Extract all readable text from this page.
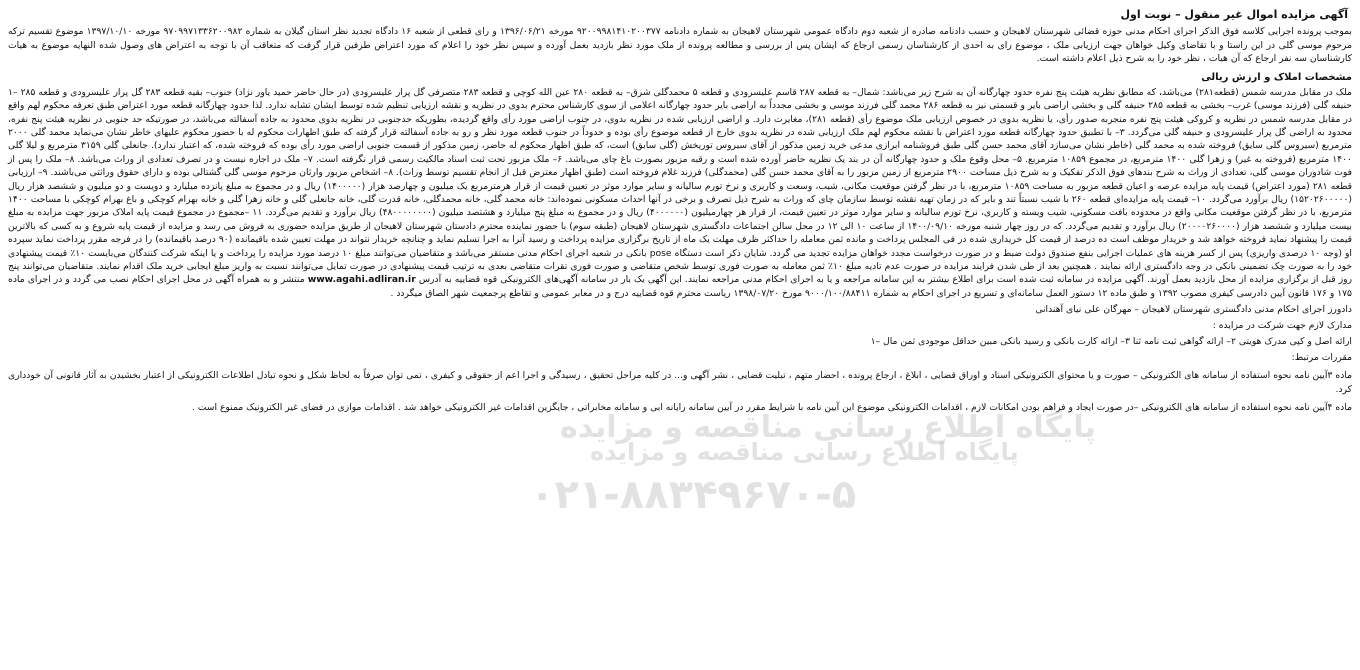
آگهی مزایده اموال غیر منقول – نوبت اول

بموجب پرونده اجرایی کلاسه فوق الذکر اجرای احکام مدنی حوزه قضائی شهرستان لاهیجان و حسب دادنامه صادره از شعبه دوم دادگاه عمومی شهرستان لاهیجان به شماره دادنامه ۹۲۰۰۹۹۸۱۴۱۰۲۰۰۳۷۷ مورخه ۱۳۹۶/۰۶/۲۱ و رای قطعی از شعبه ۱۶ دادگاه تجدید نظر استان گیلان به شماره ۹۷۰۹۹۷۱۳۳۶۲۰۰۹۸۲ مورخه ۱۳۹۷/۱۰/۱۰ موضوع تقسیم ترکه مرحوم موسی گلی در این راستا و با تقاضای وکیل خواهان جهت ارزیابی ملک ، موضوع رای به احدی از کارشناسان رسمی ارجاع که ایشان پس از بررسی و مطالعه پرونده از ملک مورد نظر بازدید بعمل آورده و سپس نظر خود را اعلام که مورد اعتراض طرفین قرار گرفت که متعاقب آن با توجه به اعتراض های وصول شده النهایه موضوع به هیات کارشناسان سه نفر ارجاع که آن هیات ، نظر خود را به شرح ذیل اعلام داشته است.

مشخصات املاک و ارزش ریالی

ملک در مقابل مدرسه شمس (قطعه۲۸۱) می‌باشد، که مطابق نظریه هیئت پنج نفره حدود چهارگانه آن به شرح زیر می‌باشد: شمال– به قطعه ۲۸۷ قاسم علیسرودی و قطعه ۵ محمدگلی شرق– به قطعه ۲۸۰ عین الله کوچی و قطعه ۲۸۳ متصرفی گل پرار علیسرودی (در حال حاضر حمید یاور نژاد) جنوب– بقیه قطعه ۲۸۳ گل پرار علیسرودی و قطعه ۲۸۵ –۱ حنیفه گلی (فرزند موسی) غرب– بخشی به قطعه ۲۸۵ حنیفه گلی و بخشی اراضی بایر و قسمتی نیز به قطعه ۲۸۶ محمد گلی فرزند موسی و بخشی مجدداً به اراضی بایر حدود چهارگانه اعلامی از سوی کارشناس محترم بدوی در نظریه و نقشه ارزیابی تنظیم شده توسط ایشان تشابه ندارد. لذا حدود چهارگانه قطعه مورد اعتراض طبق تعرفه محکوم لهم واقع در مقابل مدرسه شمس در نظریه و کروکی هیئت پنج نفره منجربه صدور رأی، یا نظریه بدوی در خصوص ارزیابی ملک موضوع رأی (قطعه ۲۸۱)، مغایرت دارد. و اراضی ارزیابی شده در نظریه بدوی، در جنوب اراضی مورد رأی واقع گردیده، بطوریکه حدجنوبی در نظریه بدوی محدود به جاده آسفالته می‌باشد، در صورتیکه حد جنوبی در نظریه هیئت پنج نفره، محدود به اراضی گل پرار علیسرودی و حنیفه گلی می‌گردد. ۳– با تطبیق حدود چهارگانه قطعه مورد اعتراض با نقشه محکوم لهم ملک ارزیابی شده در نظریه بدوی خارج از قطعه موضوع رأی بوده و حدوداً در جنوب قطعه مورد نظر و رو به جاده آسفالته قرار گرفته که طبق اظهارات محکوم له با حضور محکوم علیهای خاطر نشان می‌نماید محمد گلی ۲۰۰۰ مترمربع (سیروس گلی سایق) فروخته شده به محمد گلی (خاطر نشان می‌سازد آقای محمد حسن گلی طبق فروشنامه ابرازی مدعی خرید زمین مذکور از آقای سیروس توریخش (گلی سابق) است، که طبق اظهار محکوم له حاضر، زمین مذکور از قسمت جنوبی اراضی مورد رأی بوده که فروخته شده، که اعتبار ندارد). جانعلی گلی ۳۱۵۹ مترمربع و لیلا گلی ۱۴۰۰ مترمربع (فروخته به غیر) و زهرا گلی ۱۴۰۰ مترمربع، در مجموع ۱۰۸۵۹ مترمربع. ۵– محل وقوع ملک و حدود چهارگانه آن در بند یک نظریه حاضر آورده شده است و رقبه مزبور بصورت باغ چای می‌باشد. ۶– ملک مزبور تحت ثبت اسناد مالکیت رسمی قرار نگرفته است. ۷– ملک در اجاره نیست و در تصرف تعدادی از وراث می‌باشد. ۸– ملک را پس از فوت شادوران موسی گلی، تعدادی از وراث به شرح بندهای فوق الذکر تفکیک و به شرح ذیل مساحت ۲۹۰۰ مترمربع از زمین مزبور را به آقای محمد حسن گلی (محمدگلی) فرزند غلام فروخته است (طبق اظهار معترض قبل از انجام تقسیم توسط وراث). ۸– اشخاص مزبور وارثان مرحوم موسی گلی گشتالی بوده و دارای حقوق وراثتی می‌باشند. ۹– ارزیابی قطعه ۲۸۱ (مورد اعتراض) قیمت پایه مزایده عرصه و اعیان قطعه مزبور به مساحت ۱۰۸۵۹ مترمربع، با در نظر گرفتن موقعیت مکانی، شیب، وسعت و کاربری و نرخ تورم سالیانه و سایر موارد موثر در تعیین قیمت از قرار هرمترمربع یک میلیون و چهارصد هزار (۱۴۰۰۰۰۰) ریال و در مجموع به مبلغ پانزده میلیارد و دویست و دو میلیون و ششصد هزار ریال (۱۵۲۰۲۶۰۰۰۰۰) ریال برآورد می‌گردد. ۱۰– قیمت پایه مزایده‌ای قطعه ۲۶۰ با شیب نسبتاً تند و بایر که در زمان تهیه نقشه توسط سازمان چای که وراث به شرح ذیل تصرف و برخی در آنها احداث مسکونی نموده‌اند: خانه محمد گلی، خانه محمدگلی، خانه قدرت گلی، خانه جانعلی گلی و خانه زهرا گلی و خانه بهرام کوچکی و باغ بهرام کوچکی با مساحت ۱۴۰۰ مترمربع، با در نظر گرفتن موقعیت مکانی واقع در محدوده بافت مسکونی، شیب ویسته و کاربری، نرخ تورم سالیانه و سایر موارد موثر در تعیین قیمت، از قرار هر چهارمیلیون (۴۰۰۰۰۰۰) ریال و در مجموع به مبلغ پنج میلیارد و هشتصد میلیون (۴۸۰۰۰۰۰۰۰۰) ریال برآورد و تقدیم می‌گردد. ۱۱ –مجموع در مجموع قیمت پایه املاک مزبور جهت مزایده به مبلغ بیست میلیارد و ششصد هزار (۲۰۰۰۰۲۶۰۰۰۰) ریال برآورد و تقدیم می‌گردد. که در روز چهار شنبه مورخه ۱۴۰۰/۰۹/۱۰ از ساعت ۱۰ الی ۱۲ در محل سالن اجتماعات دادگستری شهرستان لاهیجان (طبقه سوم) با حضور نماینده محترم دادستان شهرستان لاهیجان از طریق مزایده حضوری به فروش می رسد و مزایده از قیمت پایه شروع و به کسی که بالاترین قیمت را پیشنهاد نماید فروخته خواهد شد و خریدار موظف است ده درصد از قیمت کل خریداری شده در فی المجلس پرداخت و مانده ثمن معامله را حداکثر ظرف مهلت یک ماه از تاریخ برگزاری مزایده پرداخت و رسید آنرا به اجرا تسلیم نماید و چنانچه خریدار نتواند در مهلت تعیین شده باقیمانده (۹۰ درصد باقیمانده) را در فرجه مقرر پرداخت نماید سپرده او (وجه ۱۰ درصدی واریزی) پس از کسر هزینه های عملیات اجرایی بنفع صندوق دولت ضبط و در صورت درخواست مجدد خواهان مزایده تجدید می گردد. شایان ذکر است دستگاه pose بانکی در شعبه اجرای احکام مدنی مستقر می‌باشد و متقاضیان می‌توانند مبلغ ۱۰ درصد مورد مزایده را پرداخت و یا اینکه شرکت کنندگان می‌بایست ۱۰٪ قیمت پیشنهادی خود را به صورت چک تضمینی بانکی در وجه دادگستری ارائه نمایند . همچنین بعد از طی شدن فرایند مزایده در صورت عدم تادیه مبلغ ۱۰٪ ثمن معامله به صورت فوری توسط شخص متقاضی و صورت فوری تقرات متقاضی بعدی به ترتیب قیمت پیشنهادی در صورت تمایل می‌توانند نسبت به واریز مبلغ ایجابی خرید ملک اقدام نمایند. متقاضیان می‌توانند پنج روز قبل از برگزاری مزایده از محل بازدید بعمل آورند. آگهی مزایده در سامانه ثبت شده است برای اطلاع بیشتر به این سامانه مراجعه و یا به اجرای احکام مدنی مراجعه نمایند. این آگهی یک بار در سامانه آگهی‌های الکترونیکی قوه قضاییه به آدرس www.agahi.adliran.ir منتشر و به همراه آگهی در محل اجرای احکام نصب می گردد و در اجرای ماده ۱۷۵ و ۱۷۶ قانون آیین دادرسی کیفری مصوب ۱۳۹۲ و طبق ماده ۱۲ دستور العمل سامانه‌ای و تسریع در اجرای احکام به شماره ۹۰۰۰/۱۰۰/۸۸۴۱۱ مورخ ۱۳۹۸/۰۷/۲۰ ریاست محترم قوه قضاییه درج و در معابر عمومی و تقاطع پرجمعیت شهر الصاق میگردد .

دادورز اجرای احکام مدنی دادگستری شهرستان لاهیجان – مهرگان علی نیای آهندانی

مدارک لازم جهت شرکت در مزایده :

ارائه اصل و کپی مدرک هویتی ۲– ارائه گواهی ثبت نامه ثنا ۳– ارائه کارت بانکی و رسید بانکی مبین حداقل موجودی ثمن مال –۱

مقررات مرتبط:

ماده ۳آیین نامه نحوه استفاده از سامانه های الکترونیکی – صورت و یا محتوای الکترونیکی اسناد و اوراق قضایی ، ابلاغ ، ارجاع پرونده ، احضار متهم ، تبلیت قضایی ، نشر آگهی و... در کلیه مراحل تحقیق ، رسیدگی و اجرا اعم از حقوقی و کیفری ، تمی توان صرفاً به لحاظ شکل و نحوه تبادل اطلاعات الکترونیکی از اعتبار بخشیدن به آثار قانونی آن خودداری کرد.

ماده ۴آیین نامه نحوه استفاده از سامانه های الکترونیکی –در صورت ایجاد و فراهم بودن امکانات لازم ، اقدامات الکترونیکی موضوع این آیین نامه با شرایط مقرر در آیین سامانه رایانه ابی و سامانه مخابراتی ، جایگزین اقدامات غیر الکترونیکی خواهد شد . اقدامات موازی در فضای غیر الکترونیک ممنوع است .

پایگاه اطلاع رسانی مناقصه و مزایده
پایگاه اطلاع رسانی مناقصه و مزایده
۰۲۱-۸۸۳۴۹۶۷۰-۵
